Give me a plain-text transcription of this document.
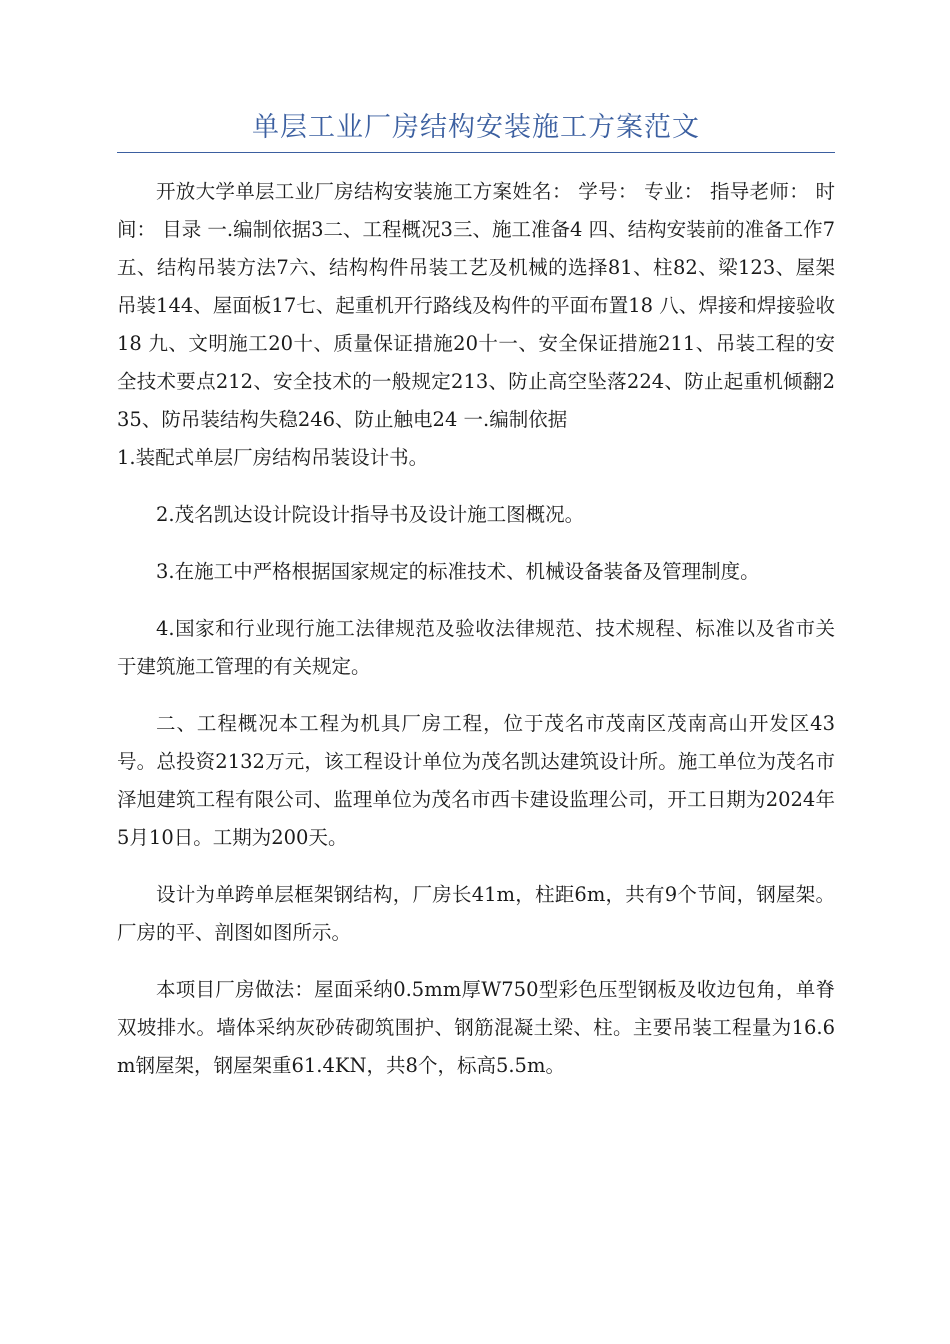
单层工业厂房结构安装施工方案范文

开放大学单层工业厂房结构安装施工方案姓名： 学号： 专业： 指导老师： 时间： 目录 一.编制依据3二、工程概况3三、施工准备4 四、结构安装前的准备工作7 五、结构吊装方法7六、结构构件吊装工艺及机械的选择81、柱82、梁123、屋架吊装144、屋面板17七、起重机开行路线及构件的平面布置18 八、焊接和焊接验收18 九、文明施工20十、质量保证措施20十一、安全保证措施211、吊装工程的安全技术要点212、安全技术的一般规定213、防止高空坠落224、防止起重机倾翻235、防吊装结构失稳246、防止触电24 一.编制依据
1.装配式单层厂房结构吊装设计书。

2.茂名凯达设计院设计指导书及设计施工图概况。

3.在施工中严格根据国家规定的标准技术、机械设备装备及管理制度。

4.国家和行业现行施工法律规范及验收法律规范、技术规程、标准以及省市关于建筑施工管理的有关规定。

二、工程概况本工程为机具厂房工程，位于茂名市茂南区茂南高山开发区43号。总投资2132万元，该工程设计单位为茂名凯达建筑设计所。施工单位为茂名市泽旭建筑工程有限公司、监理单位为茂名市西卡建设监理公司，开工日期为2024年5月10日。工期为200天。

设计为单跨单层框架钢结构，厂房长41m，柱距6m，共有9个节间，钢屋架。厂房的平、剖图如图所示。

本项目厂房做法：屋面采纳0.5mm厚W750型彩色压型钢板及收边包角，单脊双坡排水。墙体采纳灰砂砖砌筑围护、钢筋混凝土梁、柱。主要吊装工程量为16.6m钢屋架，钢屋架重61.4KN，共8个，标高5.5m。
